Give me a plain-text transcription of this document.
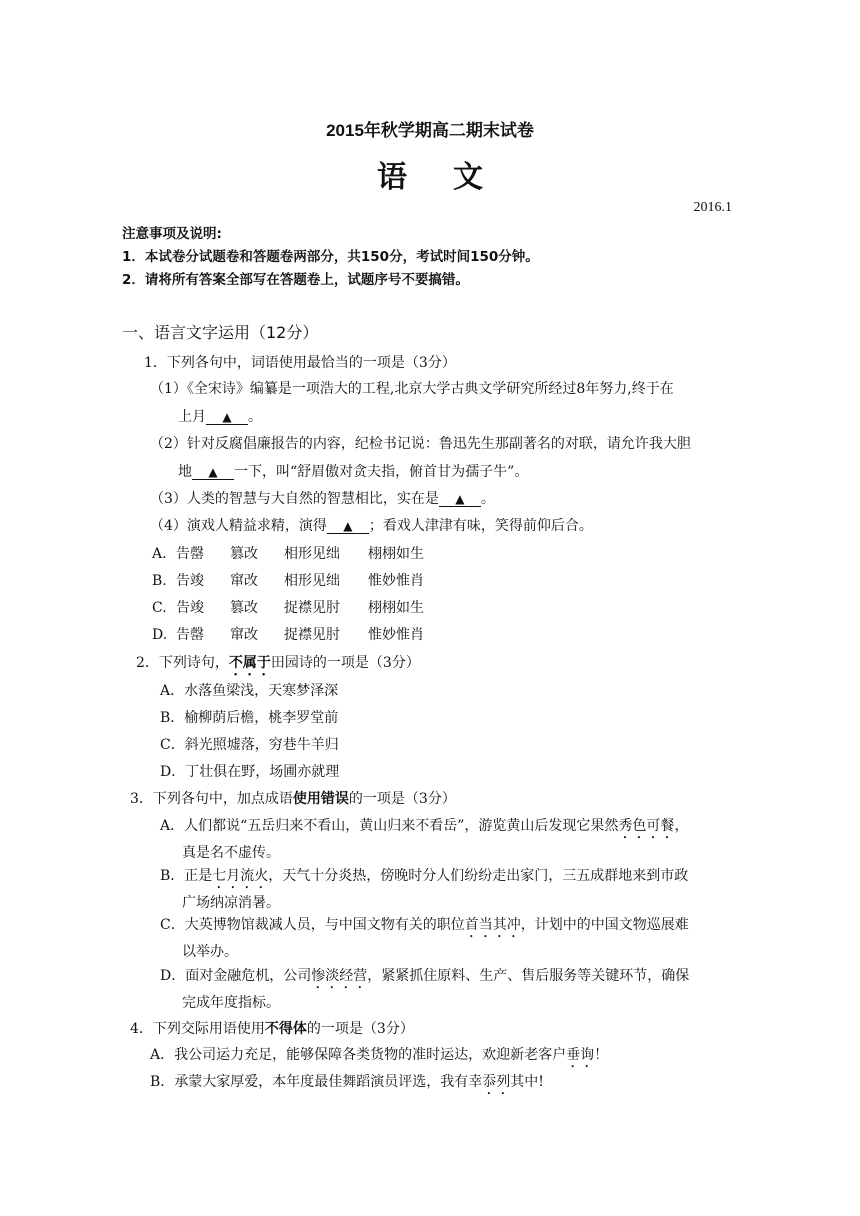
2015年秋学期高二期末试卷
语文
2016.1
注意事项及说明:
1．本试卷分试题卷和答题卷两部分，共150分，考试时间150分钟。
2．请将所有答案全部写在答题卷上，试题序号不要搞错。
一、语言文字运用（12分）
1．下列各句中，词语使用最恰当的一项是（3分）
（1）《全宋诗》编纂是一项浩大的工程,北京大学古典文学研究所经过8年努力,终于在
上月 ▲ 。
（2）针对反腐倡廉报告的内容，纪检书记说：鲁迅先生那副著名的对联，请允许我大胆
地 ▲ 一下，叫“舒眉傲对贪夫指，俯首甘为孺子牛”。
（3）人类的智慧与大自然的智慧相比，实在是 ▲ 。
（4）演戏人精益求精，演得 ▲ ；看戏人津津有味，笑得前仰后合。
A. 告罄 篡改 相形见绌 栩栩如生
B. 告竣 窜改 相形见绌 惟妙惟肖
C. 告竣 篡改 捉襟见肘 栩栩如生
D. 告罄 窜改 捉襟见肘 惟妙惟肖
2．下列诗句，不属于田园诗的一项是（3分）
A．水落鱼梁浅，天寒梦泽深
B．榆柳荫后檐，桃李罗堂前
C．斜光照墟落，穷巷牛羊归
D．丁壮俱在野，场圃亦就理
3．下列各句中，加点成语使用错误的一项是（3分）
A．人们都说“五岳归来不看山，黄山归来不看岳”，游览黄山后发现它果然秀色可餐，
真是名不虚传。
B．正是七月流火，天气十分炎热，傍晚时分人们纷纷走出家门，三五成群地来到市政
广场纳凉消暑。
C．大英博物馆裁减人员，与中国文物有关的职位首当其冲，计划中的中国文物巡展难
以举办。
D．面对金融危机，公司惨淡经营，紧紧抓住原料、生产、售后服务等关键环节，确保
完成年度指标。
4．下列交际用语使用不得体的一项是（3分）
A．我公司运力充足，能够保障各类货物的准时运达，欢迎新老客户垂询！
B．承蒙大家厚爱，本年度最佳舞蹈演员评选，我有幸忝列其中!
